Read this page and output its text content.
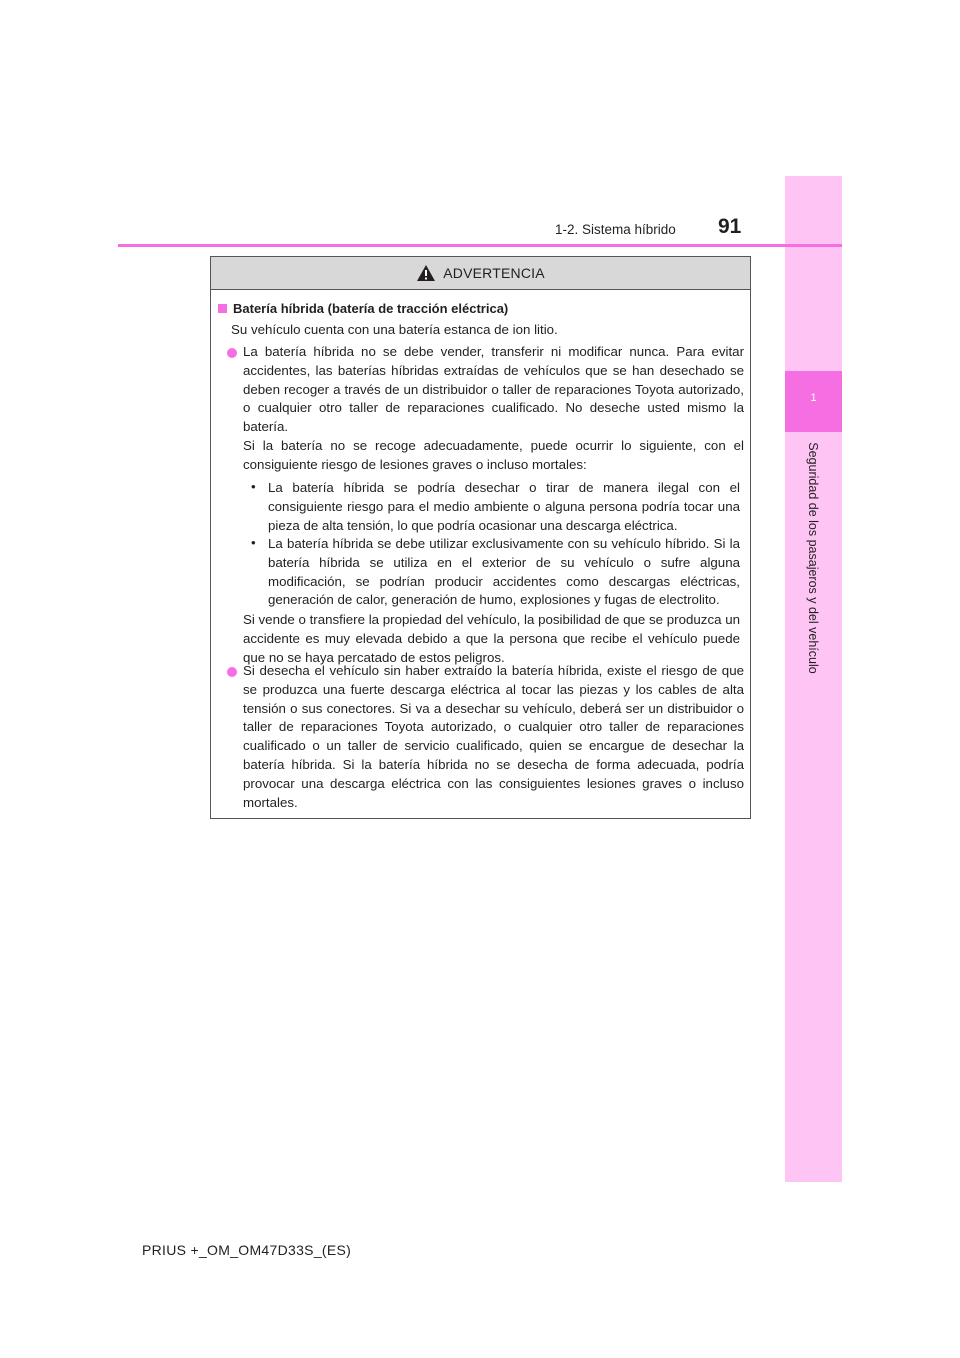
1
Seguridad de los pasajeros y del vehículo
1-2. Sistema híbrido 91
ADVERTENCIA
Batería híbrida (batería de tracción eléctrica)
Su vehículo cuenta con una batería estanca de ion litio.
La batería híbrida no se debe vender, transferir ni modificar nunca. Para evitar accidentes, las baterías híbridas extraídas de vehículos que se han desechado se deben recoger a través de un distribuidor o taller de reparaciones Toyota autorizado, o cualquier otro taller de reparaciones cualificado. No deseche usted mismo la batería.
Si la batería no se recoge adecuadamente, puede ocurrir lo siguiente, con el consiguiente riesgo de lesiones graves o incluso mortales:
• La batería híbrida se podría desechar o tirar de manera ilegal con el consiguiente riesgo para el medio ambiente o alguna persona podría tocar una pieza de alta tensión, lo que podría ocasionar una descarga eléctrica.
• La batería híbrida se debe utilizar exclusivamente con su vehículo híbrido. Si la batería híbrida se utiliza en el exterior de su vehículo o sufre alguna modificación, se podrían producir accidentes como descargas eléctricas, generación de calor, generación de humo, explosiones y fugas de electrolito.
Si vende o transfiere la propiedad del vehículo, la posibilidad de que se produzca un accidente es muy elevada debido a que la persona que recibe el vehículo puede que no se haya percatado de estos peligros.
Si desecha el vehículo sin haber extraído la batería híbrida, existe el riesgo de que se produzca una fuerte descarga eléctrica al tocar las piezas y los cables de alta tensión o sus conectores. Si va a desechar su vehículo, deberá ser un distribuidor o taller de reparaciones Toyota autorizado, o cualquier otro taller de reparaciones cualificado o un taller de servicio cualificado, quien se encargue de desechar la batería híbrida. Si la batería híbrida no se desecha de forma adecuada, podría provocar una descarga eléctrica con las consiguientes lesiones graves o incluso mortales.
PRIUS +_OM_OM47D33S_(ES)
